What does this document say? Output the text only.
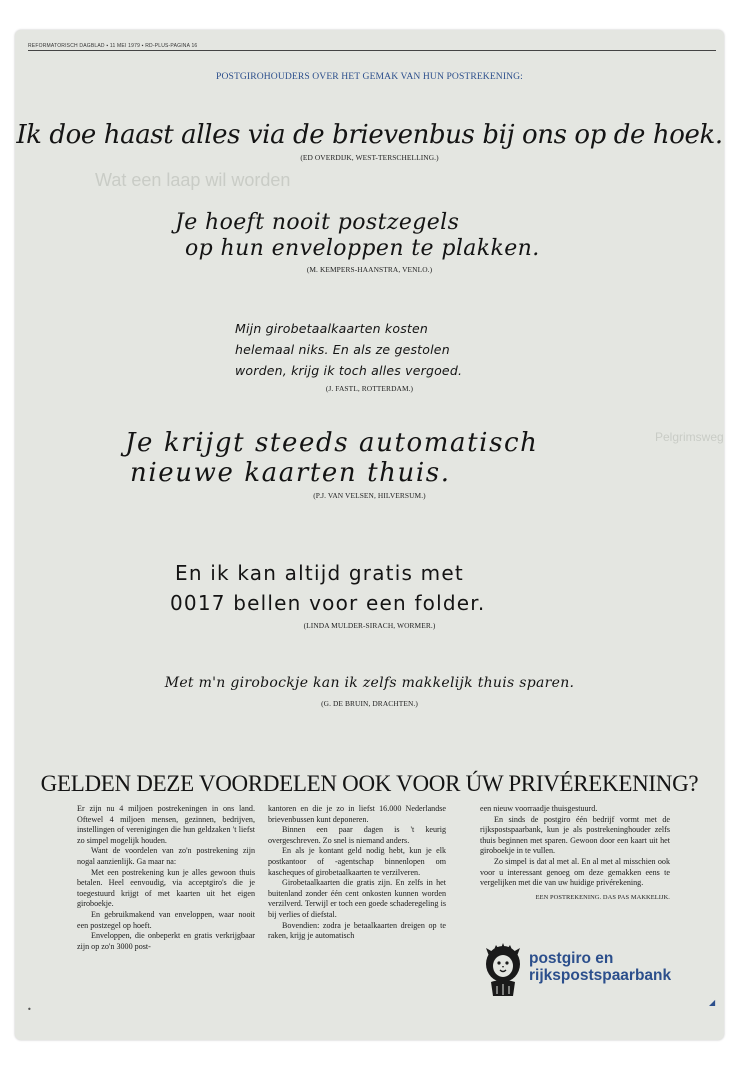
Wat een laap wil worden
Pelgrimsweg
REFORMATORISCH DAGBLAD ▪ 11 MEI 1979 ▪ RD-PLUS-PAGINA 16
POSTGIROHOUDERS OVER HET GEMAK VAN HUN POSTREKENING:
Ik doe haast alles via de brievenbus bij ons op de hoek.
(ED OVERDIJK, WEST-TERSCHELLING.)
Je hoeft nooit postzegels
op hun enveloppen te plakken.
(M. KEMPERS-HAANSTRA, VENLO.)
Mijn girobetaalkaarten kosten
helemaal niks. En als ze gestolen
worden, krijg ik toch alles vergoed.
(J. FASTL, ROTTERDAM.)
Je krijgt steeds automatisch
nieuwe kaarten thuis.
(P.J. VAN VELSEN, HILVERSUM.)
En ik kan altijd gratis met
0017 bellen voor een folder.
(LINDA MULDER-SIRACH, WORMER.)
Met m'n girobockje kan ik zelfs makkelijk thuis sparen.
(G. DE BRUIN, DRACHTEN.)
GELDEN DEZE VOORDELEN OOK VOOR ÚW PRIVÉREKENING?

Er zijn nu 4 miljoen postrekeningen in ons land. Oftewel 4 miljoen mensen, gezinnen, bedrijven, instellingen of verenigingen die hun geldzaken 't liefst zo simpel mogelijk houden.

Want de voordelen van zo'n postrekening zijn nogal aanzienlijk. Ga maar na:

Met een postrekening kun je alles gewoon thuis betalen. Heel eenvoudig, via acceptgiro's die je toegestuurd krijgt of met kaarten uit het eigen giroboekje.

En gebruikmakend van enveloppen, waar nooit een postzegel op hoeft.

Enveloppen, die onbeperkt en gratis verkrijgbaar zijn op zo'n 3000 post-

kantoren en die je zo in liefst 16.000 Nederlandse brievenbussen kunt deponeren.

Binnen een paar dagen is 't keurig overgeschreven. Zo snel is niemand anders.

En als je kontant geld nodig hebt, kun je elk postkantoor of -agentschap binnenlopen om kascheques of girobetaalkaarten te verzilveren.

Girobetaalkaarten die gratis zijn. En zelfs in het buitenland zonder één cent onkosten kunnen worden verzilverd. Terwijl er toch een goede schaderegeling is bij verlies of diefstal.

Bovendien: zodra je betaalkaarten dreigen op te raken, krijg je automatisch

een nieuw voorraadje thuisgestuurd.

En sinds de postgiro één bedrijf vormt met de rijkspostspaarbank, kun je als postrekeninghouder zelfs thuis beginnen met sparen. Gewoon door een kaart uit het giroboekje in te vullen.

Zo simpel is dat al met al. En al met al misschien ook voor u interessant genoeg om deze gemakken eens te vergelijken met die van uw huidige privérekening.

EEN POSTREKENING. DAS PAS MAKKELIJK.

postgiro en
rijkspostspaarbank
◢
•
